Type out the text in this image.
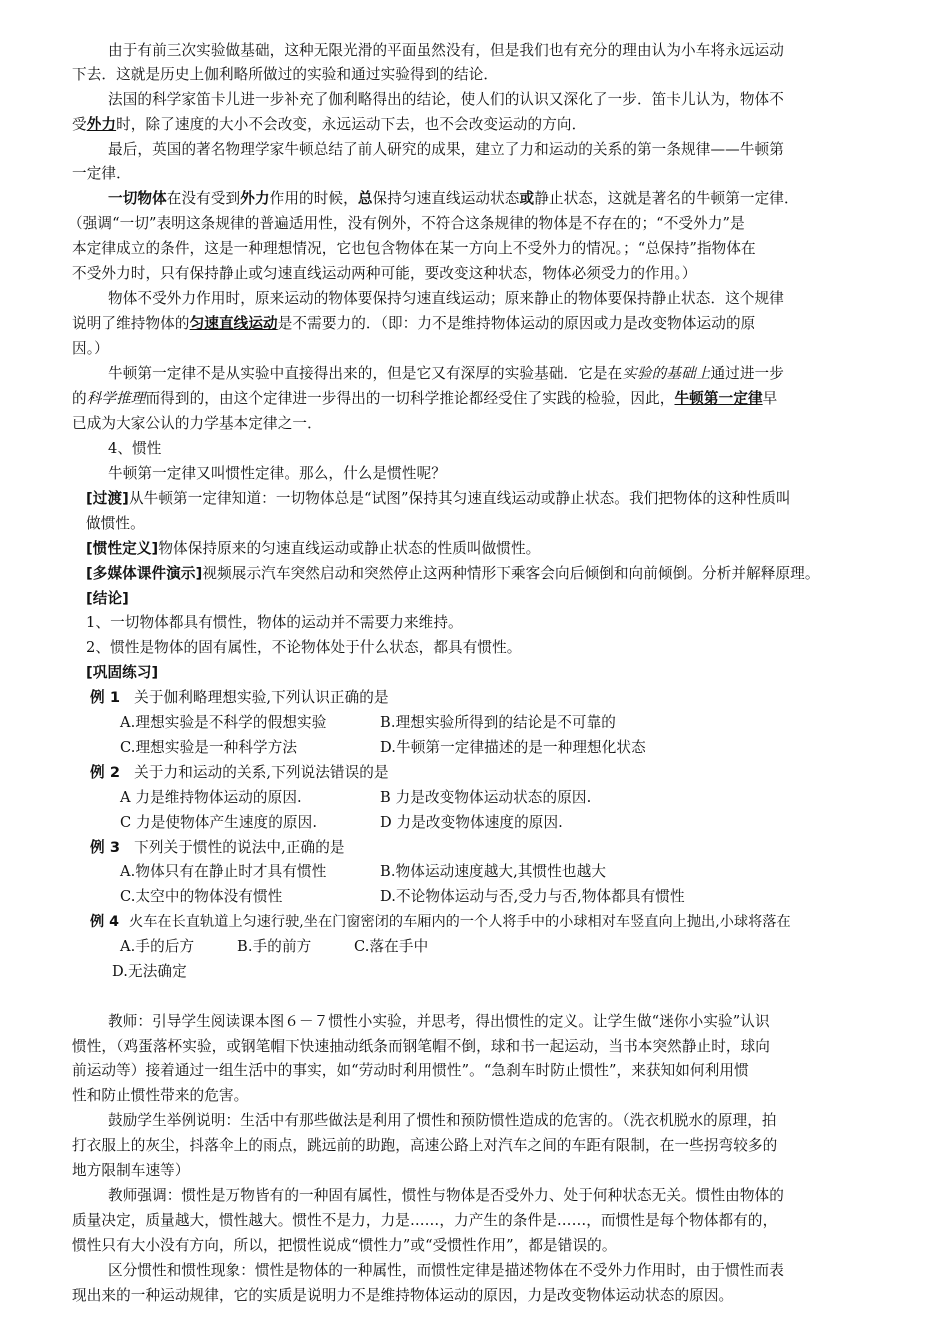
由于有前三次实验做基础，这种无限光滑的平面虽然没有，但是我们也有充分的理由认为小车将永远运动
下去．这就是历史上伽利略所做过的实验和通过实验得到的结论．
法国的科学家笛卡儿进一步补充了伽利略得出的结论，使人们的认识又深化了一步．笛卡儿认为，物体不
受外力时，除了速度的大小不会改变，永远运动下去，也不会改变运动的方向．
最后，英国的著名物理学家牛顿总结了前人研究的成果，建立了力和运动的关系的第一条规律——牛顿第
一定律．
一切物体在没有受到外力作用的时候，总保持匀速直线运动状态或静止状态，这就是著名的牛顿第一定律．
（强调“一切”表明这条规律的普遍适用性，没有例外，不符合这条规律的物体是不存在的；“不受外力”是
本定律成立的条件，这是一种理想情况，它也包含物体在某一方向上不受外力的情况。；“总保持”指物体在
不受外力时，只有保持静止或匀速直线运动两种可能，要改变这种状态，物体必须受力的作用。）
物体不受外力作用时，原来运动的物体要保持匀速直线运动；原来静止的物体要保持静止状态．这个规律
说明了维持物体的匀速直线运动是不需要力的．（即：力不是维持物体运动的原因或力是改变物体运动的原
因。）
牛顿第一定律不是从实验中直接得出来的，但是它又有深厚的实验基础．它是在实验的基础上通过进一步
的科学推理而得到的，由这个定律进一步得出的一切科学推论都经受住了实践的检验，因此，牛顿第一定律早
已成为大家公认的力学基本定律之一．
4、惯性
牛顿第一定律又叫惯性定律。那么，什么是惯性呢？
[过渡]从牛顿第一定律知道：一切物体总是“试图”保持其匀速直线运动或静止状态。我们把物体的这种性质叫
做惯性。
[惯性定义]物体保持原来的匀速直线运动或静止状态的性质叫做惯性。
[多媒体课件演示]视频展示汽车突然启动和突然停止这两种情形下乘客会向后倾倒和向前倾倒。分析并解释原理。
[结论]
1、一切物体都具有惯性，物体的运动并不需要力来维持。
2、惯性是物体的固有属性，不论物体处于什么状态，都具有惯性。
[巩固练习]
例 1 关于伽利略理想实验,下列认识正确的是
A.理想实验是不科学的假想实验	B.理想实验所得到的结论是不可靠的
C.理想实验是一种科学方法	D.牛顿第一定律描述的是一种理想化状态
例 2 关于力和运动的关系,下列说法错误的是
A 力是维持物体运动的原因.	B 力是改变物体运动状态的原因.
C 力是使物体产生速度的原因.	D 力是改变物体速度的原因.
例 3 下列关于惯性的说法中,正确的是
A.物体只有在静止时才具有惯性	B.物体运动速度越大,其惯性也越大
C.太空中的物体没有惯性	D.不论物体运动与否,受力与否,物体都具有惯性
例 4 火车在长直轨道上匀速行驶,坐在门窗密闭的车厢内的一个人将手中的小球相对车竖直向上抛出,小球将落在
A.手的后方	B.手的前方	C.落在手中
D.无法确定
教师：引导学生阅读课本图６－７惯性小实验，并思考，得出惯性的定义。让学生做“迷你小实验”认识
惯性，（鸡蛋落杯实验，或钢笔帽下快速抽动纸条而钢笔帽不倒，球和书一起运动，当书本突然静止时，球向
前运动等）接着通过一组生活中的事实，如“劳动时利用惯性”。“急刹车时防止惯性”，来获知如何利用惯
性和防止惯性带来的危害。
鼓励学生举例说明：生活中有那些做法是利用了惯性和预防惯性造成的危害的。（洗衣机脱水的原理，拍
打衣服上的灰尘，抖落伞上的雨点，跳远前的助跑，高速公路上对汽车之间的车距有限制，在一些拐弯较多的
地方限制车速等）
教师强调：惯性是万物皆有的一种固有属性，惯性与物体是否受外力、处于何种状态无关。惯性由物体的
质量决定，质量越大，惯性越大。惯性不是力，力是……，力产生的条件是……，而惯性是每个物体都有的，
惯性只有大小没有方向，所以，把惯性说成“惯性力”或“受惯性作用”，都是错误的。
区分惯性和惯性现象：惯性是物体的一种属性，而惯性定律是描述物体在不受外力作用时，由于惯性而表
现出来的一种运动规律，它的实质是说明力不是维持物体运动的原因，力是改变物体运动状态的原因。
